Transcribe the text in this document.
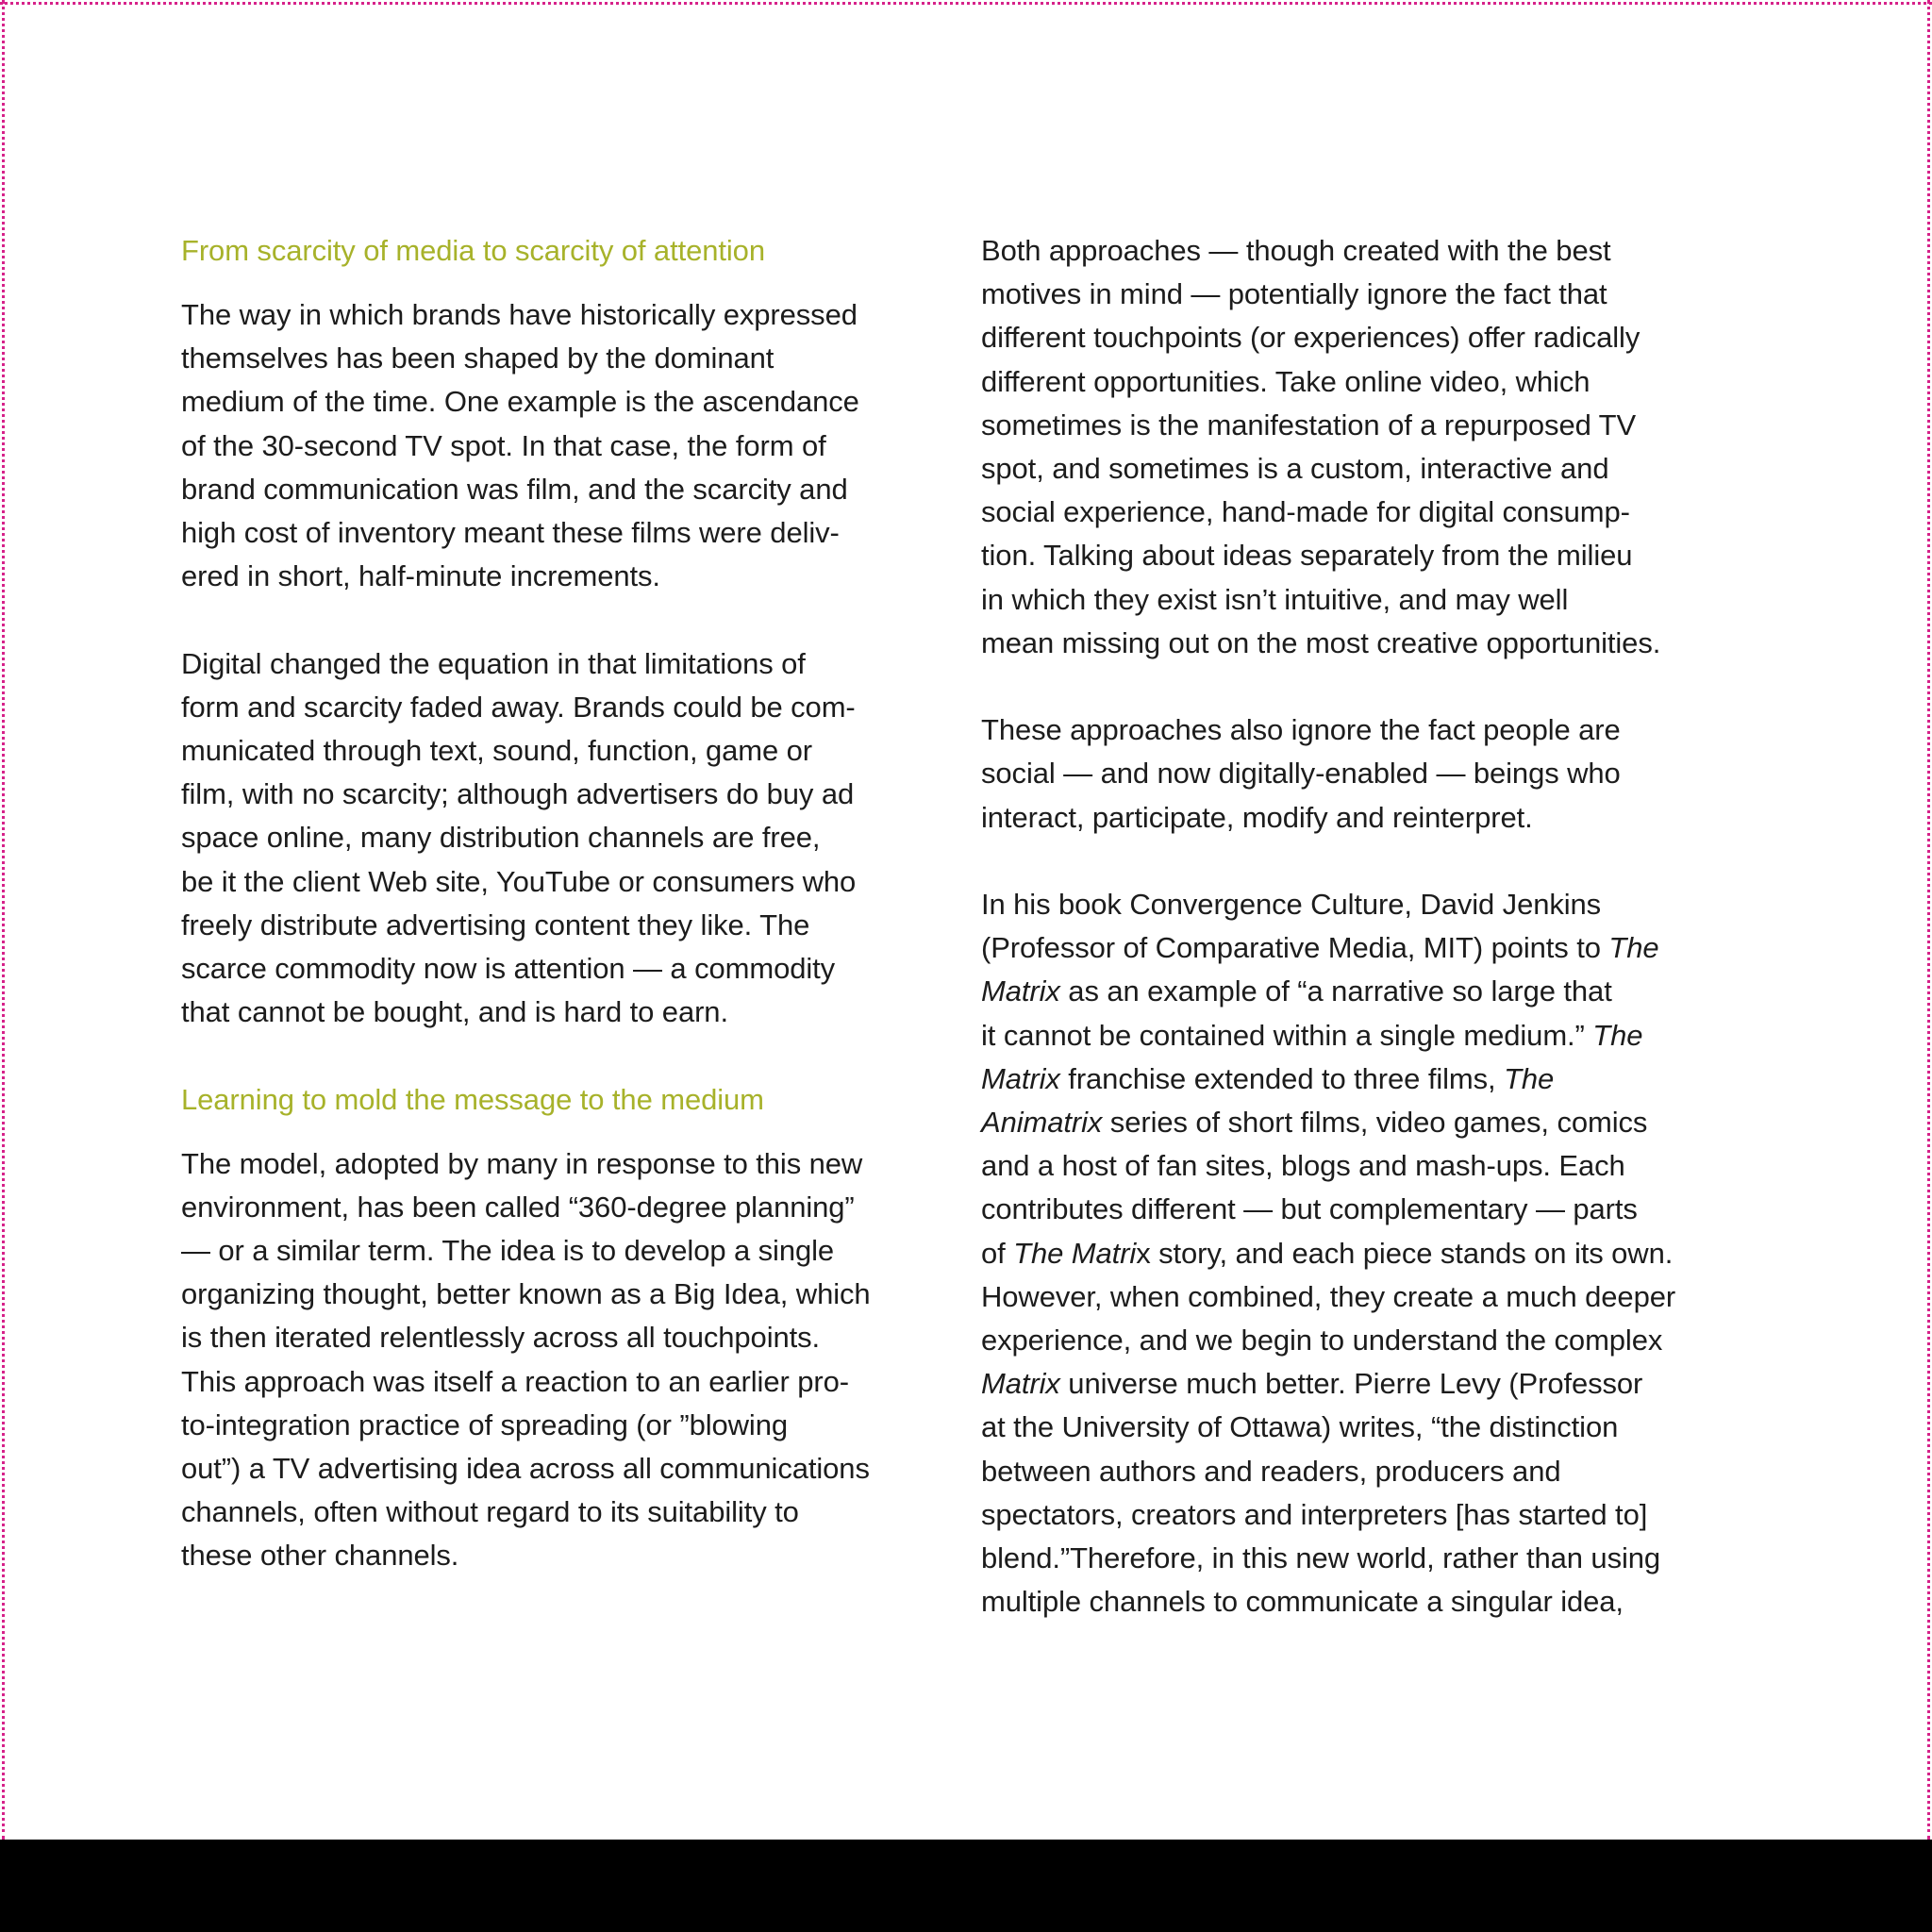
From scarcity of media to scarcity of attention

The way in which brands have historically expressed
themselves has been shaped by the dominant
medium of the time. One example is the ascendance
of the 30-second TV spot. In that case, the form of
brand communication was film, and the scarcity and
high cost of inventory meant these films were deliv-
ered in short, half-minute increments.

Digital changed the equation in that limitations of
form and scarcity faded away. Brands could be com-
municated through text, sound, function, game or
film, with no scarcity; although advertisers do buy ad
space online, many distribution channels are free,
be it the client Web site, YouTube or consumers who
freely distribute advertising content they like. The
scarce commodity now is attention — a commodity
that cannot be bought, and is hard to earn.

Learning to mold the message to the medium

The model, adopted by many in response to this new
environment, has been called “360-degree planning”
— or a similar term. The idea is to develop a single
organizing thought, better known as a Big Idea, which
is then iterated relentlessly across all touchpoints.
This approach was itself a reaction to an earlier pro-
to-integration practice of spreading (or ”blowing
out”) a TV advertising idea across all communications
channels, often without regard to its suitability to
these other channels.

Both approaches — though created with the best
motives in mind — potentially ignore the fact that
different touchpoints (or experiences) offer radically
different opportunities. Take online video, which
sometimes is the manifestation of a repurposed TV
spot, and sometimes is a custom, interactive and
social experience, hand-made for digital consump-
tion. Talking about ideas separately from the milieu
in which they exist isn’t intuitive, and may well
mean missing out on the most creative opportunities.

These approaches also ignore the fact people are
social — and now digitally-enabled — beings who
interact, participate, modify and reinterpret.

In his book Convergence Culture, David Jenkins
(Professor of Comparative Media, MIT) points to The
Matrix as an example of “a narrative so large that
it cannot be contained within a single medium.” The
Matrix franchise extended to three films, The
Animatrix series of short films, video games, comics
and a host of fan sites, blogs and mash-ups. Each
contributes different — but complementary — parts
of The Matrix story, and each piece stands on its own.
However, when combined, they create a much deeper
experience, and we begin to understand the complex
Matrix universe much better. Pierre Levy (Professor
at the University of Ottawa) writes, “the distinction
between authors and readers, producers and
spectators, creators and interpreters [has started to]
blend.”Therefore, in this new world, rather than using
multiple channels to communicate a singular idea,
